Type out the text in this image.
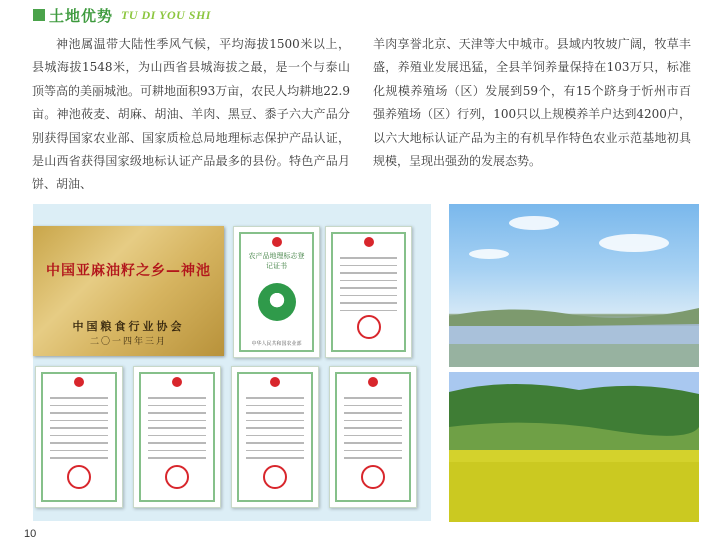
土地优势 TU DI YOU SHI

神池属温带大陆性季风气候，平均海拔1500米以上，县城海拔1548米，为山西省县城海拔之最，是一个与泰山顶等高的美丽城池。可耕地面积93万亩，农民人均耕地22.9亩。神池莜麦、胡麻、胡油、羊肉、黑豆、黍子六大产品分别获得国家农业部、国家质检总局地理标志保护产品认证，是山西省获得国家级地标认证产品最多的县份。特色产品月饼、胡油、

羊肉享誉北京、天津等大中城市。县域内牧坡广阔，牧草丰盛，养殖业发展迅猛，全县羊饲养量保持在103万只，标准化规模养殖场（区）发展到59个，有15个跻身于忻州市百强养殖场（区）行列，100只以上规模养羊户达到4200户，以六大地标认证产品为主的有机旱作特色农业示范基地初具规模，呈现出强劲的发展态势。

中国亚麻油籽之乡—神池
中国粮食行业协会
二〇一四年三月
农产品地理标志登记证书
中华人民共和国农业部
10
